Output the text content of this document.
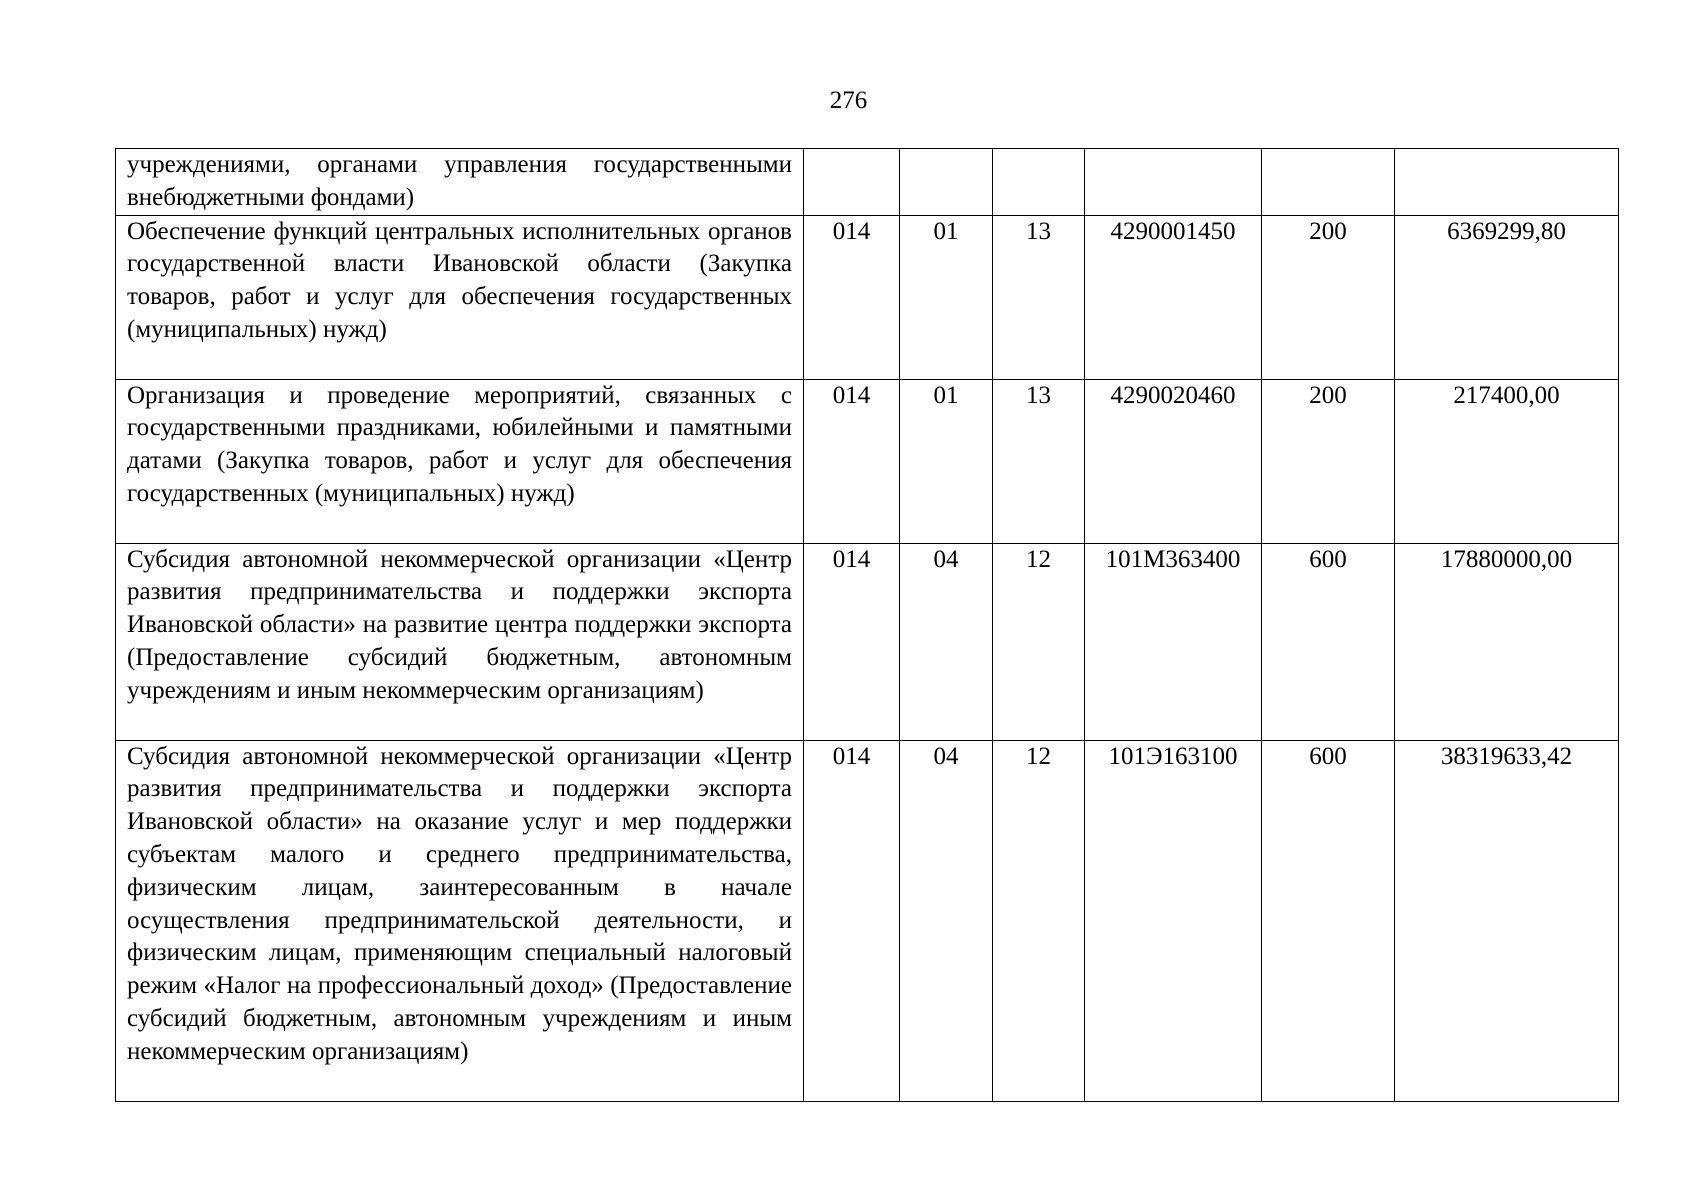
276
учреждениями, органами управления государственными внебюджетными фондами)						
Обеспечение функций центральных исполнительных органов государственной власти Ивановской области (Закупка товаров, работ и услуг для обеспечения государственных (муниципальных) нужд)	014	01	13	4290001450	200	6369299,80
Организация и проведение мероприятий, связанных с государственными праздниками, юбилейными и памятными датами (Закупка товаров, работ и услуг для обеспечения государственных (муниципальных) нужд)	014	01	13	4290020460	200	217400,00
Субсидия автономной некоммерческой организации «Центр развития предпринимательства и поддержки экспорта Ивановской области» на развитие центра поддержки экспорта (Предоставление субсидий бюджетным, автономным учреждениям и иным некоммерческим организациям)	014	04	12	101M363400	600	17880000,00
Субсидия автономной некоммерческой организации «Центр развития предпринимательства и поддержки экспорта Ивановской области» на оказание услуг и мер поддержки субъектам малого и среднего предпринимательства, физическим лицам, заинтересованным в начале осуществления предпринимательской деятельности, и физическим лицам, применяющим специальный налоговый режим «Налог на профессиональный доход» (Предоставление субсидий бюджетным, автономным учреждениям и иным некоммерческим организациям)	014	04	12	101Э163100	600	38319633,42
